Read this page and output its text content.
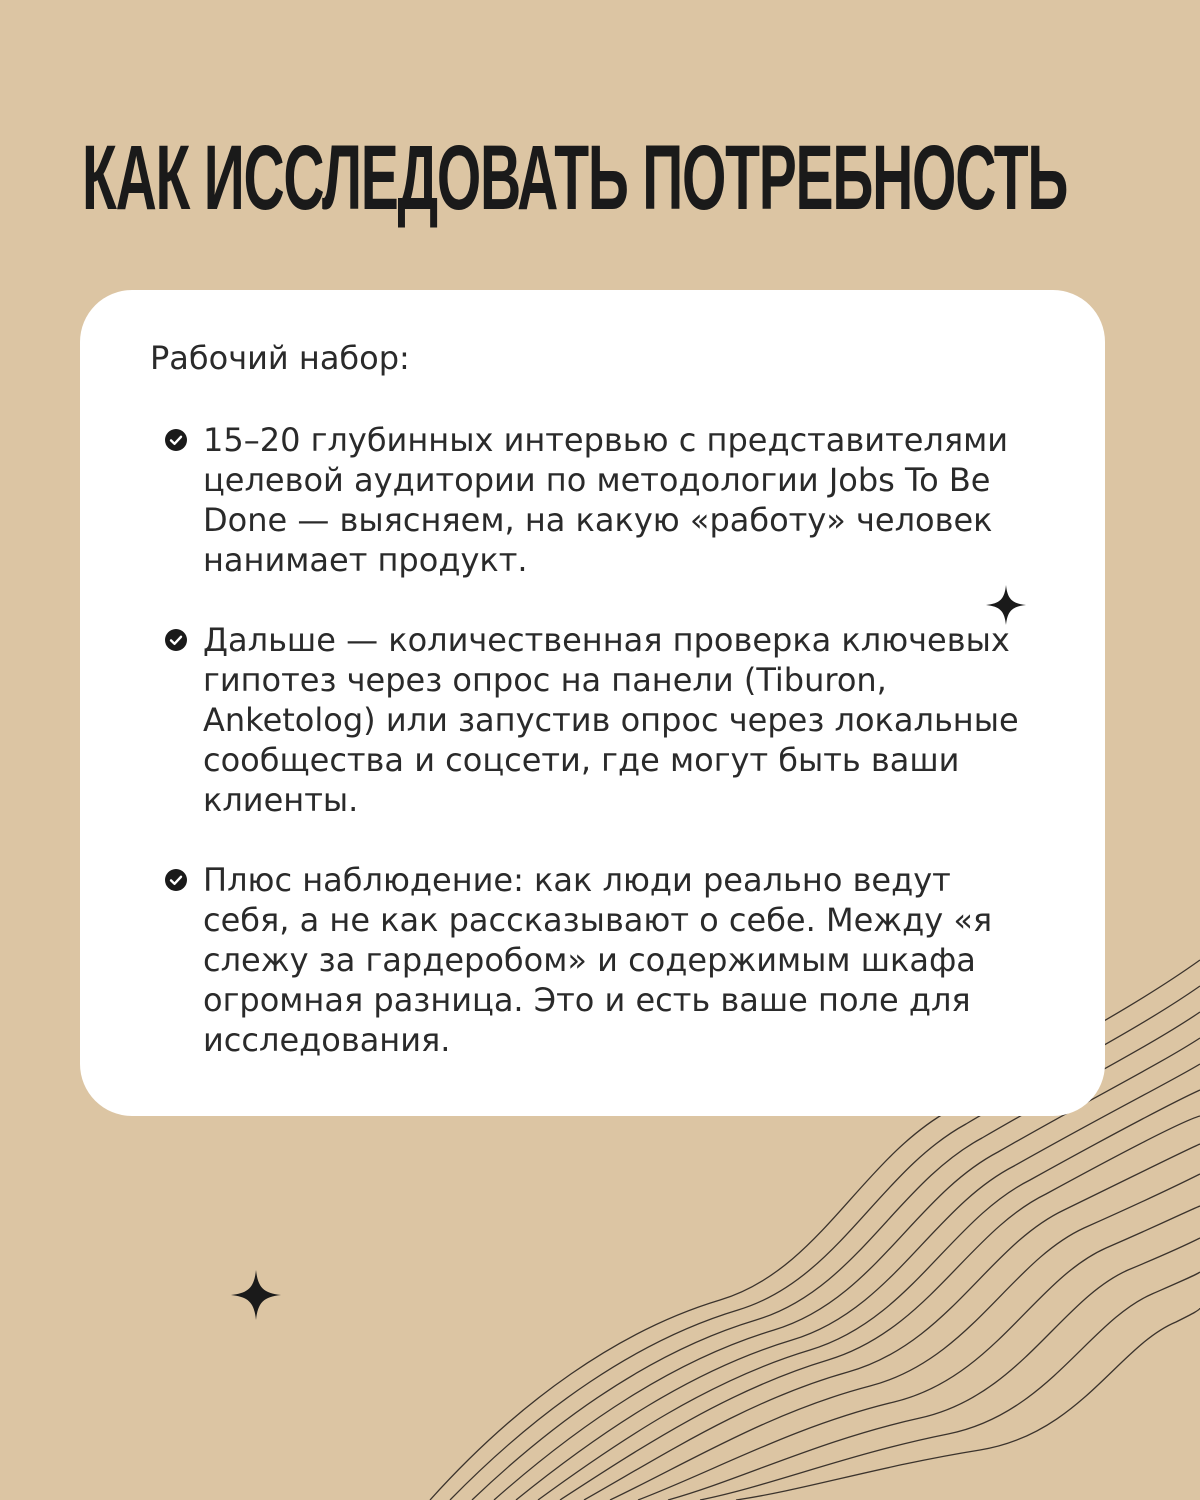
КАК ИССЛЕДОВАТЬ ПОТРЕБНОСТЬ

Рабочий набор:

15–20 глубинных интервью с представителями целевой аудитории по методологии Jobs To Be Done — выясняем, на какую «работу» человек нанимает продукт.
Дальше — количественная проверка ключевых гипотез через опрос на панели (Tiburon, Anketolog) или запустив опрос через локальные сообщества и соцсети, где могут быть ваши клиенты.
Плюс наблюдение: как люди реально ведут себя, а не как рассказывают о себе. Между «я слежу за гардеробом» и содержимым шкафа огромная разница. Это и есть ваше поле для исследования.
